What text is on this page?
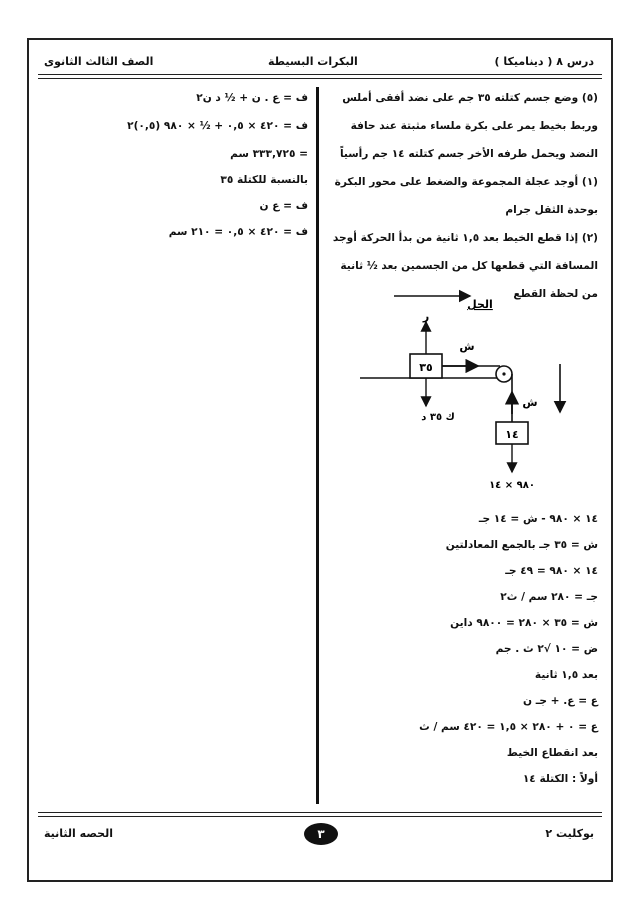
درس ٨ ( ديناميكا )
البكرات البسيطة
الصف الثالث الثانوى
(٥) وضع جسم كتلته ٣٥ جم على نضد أفقى أملس
وربط بخيط يمر على بكرة ملساء مثبتة عند حافة
النضد ويحمل طرفه الأخر جسم كتلته ١٤ جم رأسياً
(١) أوجد عجلة المجموعة والضغط على محور البكرة
بوحدة الثقل جرام
(٢) إذا قطع الخيط بعد ١,٥ ثانية من بدأ الحركة أوجد
المسافة التي قطعها كل من الجسمين بعد ½ ثانية
من لحظة القطع
١٤ × ٩٨٠ - ش = ١٤ جـ
ش = ٣٥ جـ بالجمع المعادلتين
١٤ × ٩٨٠ = ٤٩ جـ
جـ = ٢٨٠ سم / ث٢
ش = ٣٥ × ٢٨٠ = ٩٨٠٠ داين
ض = ١٠ √٢ ث . جم
بعد ١,٥ ثانية
ع = ع. + جـ ن
ع = ٠ + ٢٨٠ × ١,٥ = ٤٢٠ سم / ث
بعد انقطاع الخيط
أولاً : الكتلة ١٤
الحل
٣٥
ر
ك ٣٥ د
ش
ش
١٤
٩٨٠ × ١٤
ف = ع . ن + ½ د ن٢
ف = ٤٢٠ × ٠,٥ + ½ × ٩٨٠ (٠,٥)٢
= ٣٣٣,٧٢٥ سم
بالنسبة للكتلة ٣٥
ف = ع ن
ف = ٤٢٠ × ٠,٥ = ٢١٠ سم
بوكليت ٢
٣
الحصه الثانية
